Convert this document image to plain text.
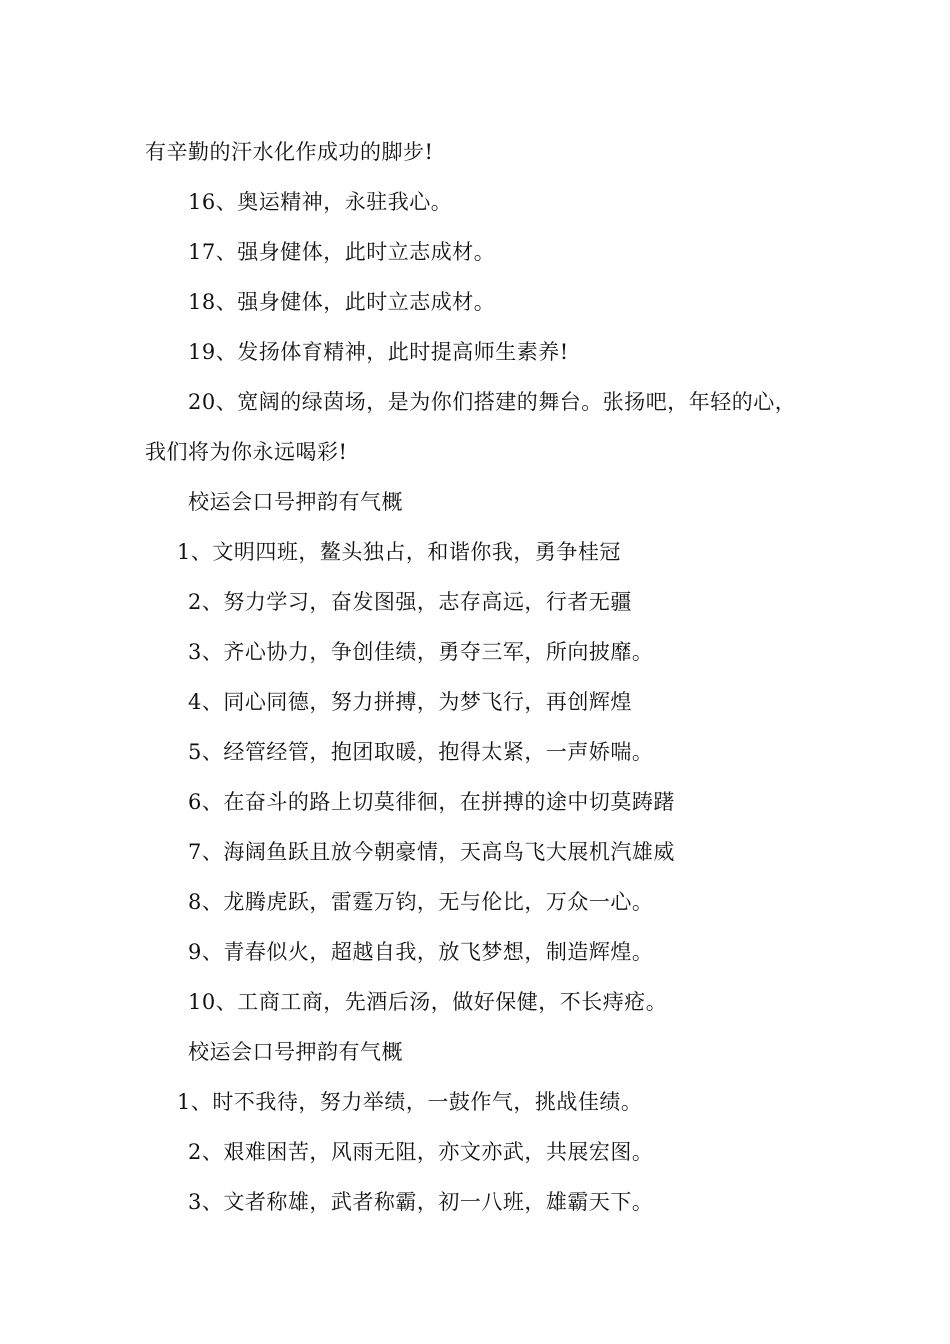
有辛勤的汗水化作成功的脚步!
16、奥运精神，永驻我心。
17、强身健体，此时立志成材。
18、强身健体，此时立志成材。
19、发扬体育精神，此时提高师生素养!
20、宽阔的绿茵场，是为你们搭建的舞台。张扬吧，年轻的心，
我们将为你永远喝彩!
校运会口号押韵有气概
1、文明四班，鳌头独占，和谐你我，勇争桂冠
2、努力学习，奋发图强，志存高远，行者无疆
3、齐心协力，争创佳绩，勇夺三军，所向披靡。
4、同心同德，努力拼搏，为梦飞行，再创辉煌
5、经管经管，抱团取暖，抱得太紧，一声娇喘。
6、在奋斗的路上切莫徘徊，在拼搏的途中切莫踌躇
7、海阔鱼跃且放今朝豪情，天高鸟飞大展机汽雄威
8、龙腾虎跃，雷霆万钧，无与伦比，万众一心。
9、青春似火，超越自我，放飞梦想，制造辉煌。
10、工商工商，先酒后汤，做好保健，不长痔疮。
校运会口号押韵有气概
1、时不我待，努力举绩，一鼓作气，挑战佳绩。
2、艰难困苦，风雨无阻，亦文亦武，共展宏图。
3、文者称雄，武者称霸，初一八班，雄霸天下。
